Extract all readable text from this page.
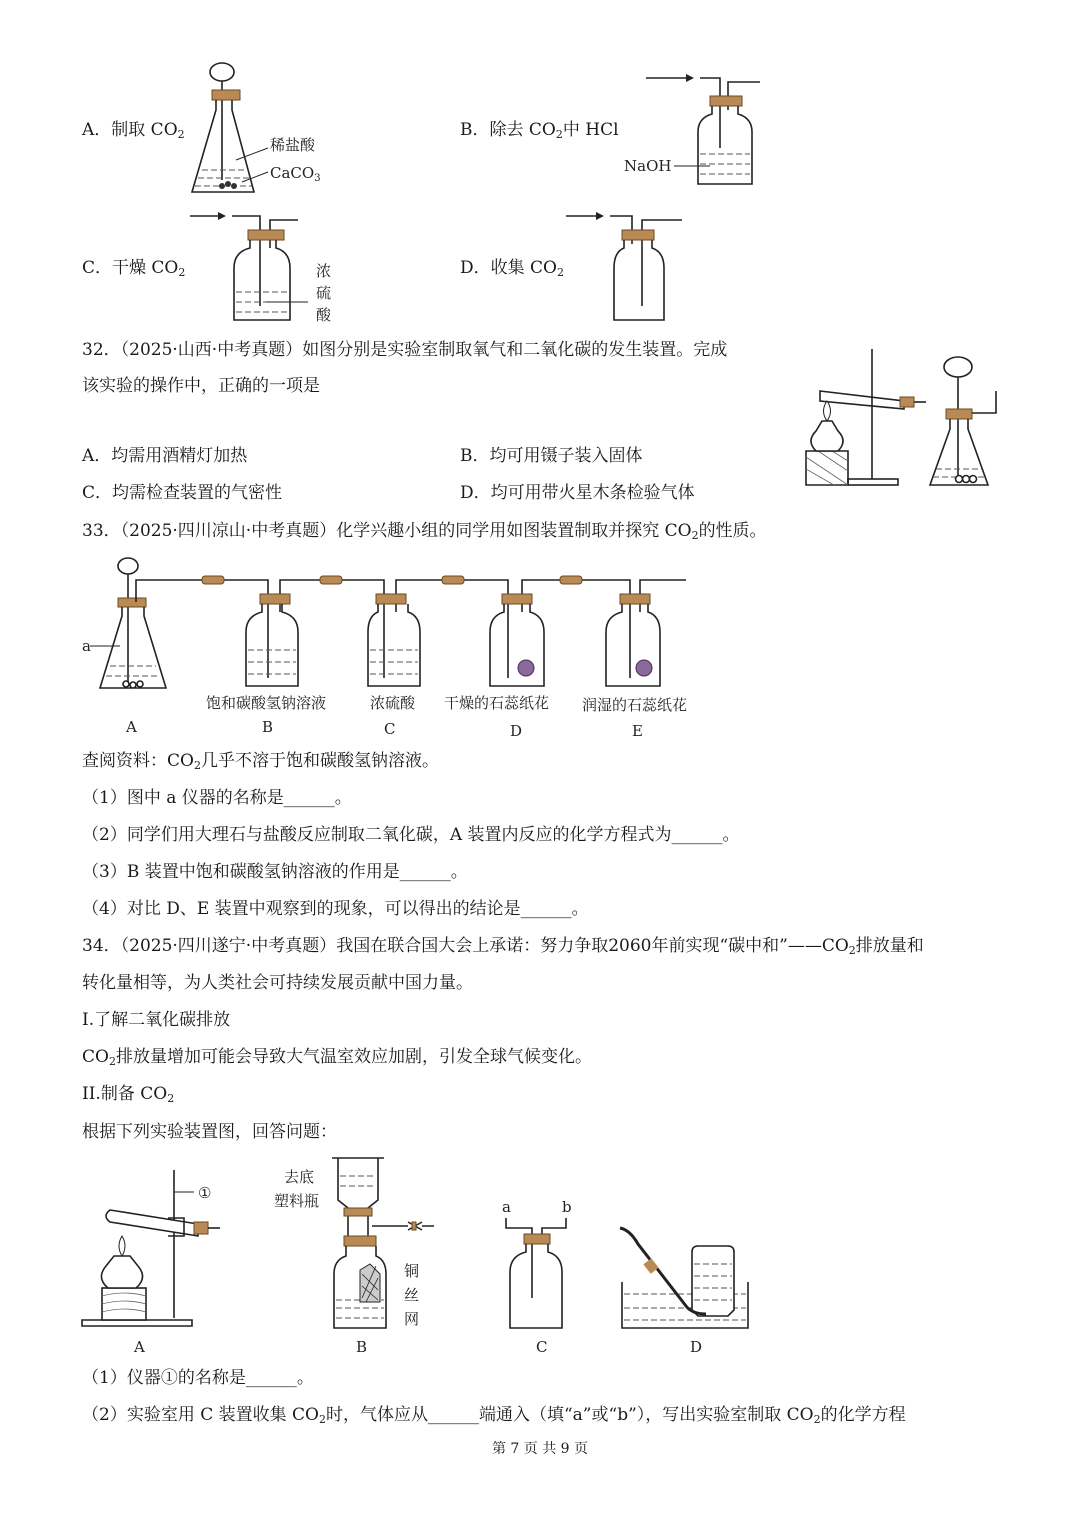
A．制取 $CO_2$	B．除去 $CO_2$中 HCl
C．干燥 $CO_2$	D．收集 $CO_2$
稀盐酸
CaCO$_3$
NaOH
浓
硫
酸
32．（2025·山西·中考真题）如图分别是实验室制取氧气和二氧化碳的发生装置。完成
该实验的操作中，正确的一项是
A．均需用酒精灯加热	B．均可用镊子装入固体
C．均需检查装置的气密性	D．均可用带火星木条检验气体
33．（2025·四川凉山·中考真题）化学兴趣小组的同学用如图装置制取并探究 $CO_2$的性质。
a
饱和碳酸氢钠溶液	浓硫酸 干燥的石蕊纸花 润湿的石蕊纸花
A	B	C	D	E
查阅资料：$CO_2$几乎不溶于饱和碳酸氢钠溶液。
（1）图中 a 仪器的名称是______。
（2）同学们用大理石与盐酸反应制取二氧化碳，A 装置内反应的化学方程式为______。
（3）B 装置中饱和碳酸氢钠溶液的作用是______。
（4）对比 D、E 装置中观察到的现象，可以得出的结论是______。
34．（2025·四川遂宁·中考真题）我国在联合国大会上承诺：努力争取2060年前实现“碳中和$”——CO_2$排放量和
转化量相等，为人类社会可持续发展贡献中国力量。
I.了解二氧化碳排放
$CO_2$排放量增加可能会导致大气温室效应加剧，引发全球气候变化。
II.制备 $CO_2$
根据下列实验装置图，回答问题：
①
A
去底
塑料瓶
铜
丝
网
B
a	b
C	D
（1）仪器①的名称是______。
（2）实验室用 C 装置收集 $CO_2$时，气体应从______端通入（填“a”或“b”），写出实验室制取 $CO_2$的化学方程
第 7 页 共 9 页
